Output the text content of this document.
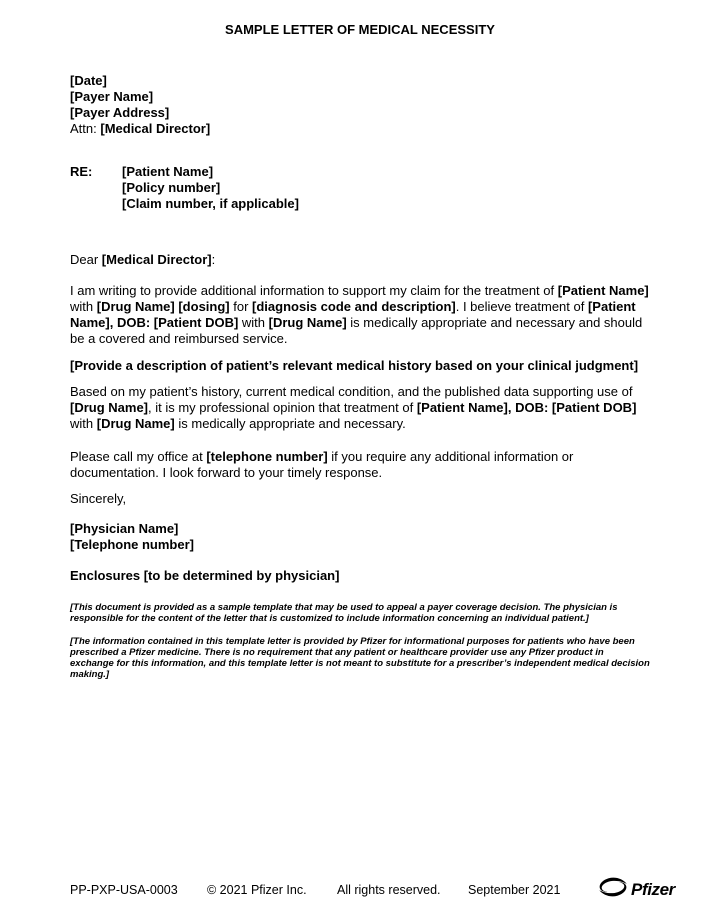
SAMPLE LETTER OF MEDICAL NECESSITY
[Date]
[Payer Name]
[Payer Address]
Attn: [Medical Director]
RE:	[Patient Name]
[Policy number]
[Claim number, if applicable]

Dear [Medical Director]:

I am writing to provide additional information to support my claim for the treatment of [Patient Name] with [Drug Name] [dosing] for [diagnosis code and description]. I believe treatment of [Patient Name], DOB: [Patient DOB] with [Drug Name] is medically appropriate and necessary and should be a covered and reimbursed service.

[Provide a description of patient’s relevant medical history based on your clinical judgment]

Based on my patient’s history, current medical condition, and the published data supporting use of [Drug Name], it is my professional opinion that treatment of [Patient Name], DOB: [Patient DOB] with [Drug Name] is medically appropriate and necessary.

Please call my office at [telephone number] if you require any additional information or documentation. I look forward to your timely response.

Sincerely,

[Physician Name]
[Telephone number]

Enclosures [to be determined by physician]

[This document is provided as a sample template that may be used to appeal a payer coverage decision. The physician is responsible for the content of the letter that is customized to include information concerning an individual patient.]

[The information contained in this template letter is provided by Pfizer for informational purposes for patients who have been prescribed a Pfizer medicine. There is no requirement that any patient or healthcare provider use any Pfizer product in exchange for this information, and this template letter is not meant to substitute for a prescriber’s independent medical decision making.]

PP-PXP-USA-0003 © 2021 Pfizer Inc. All rights reserved. September 2021	Pfizer
